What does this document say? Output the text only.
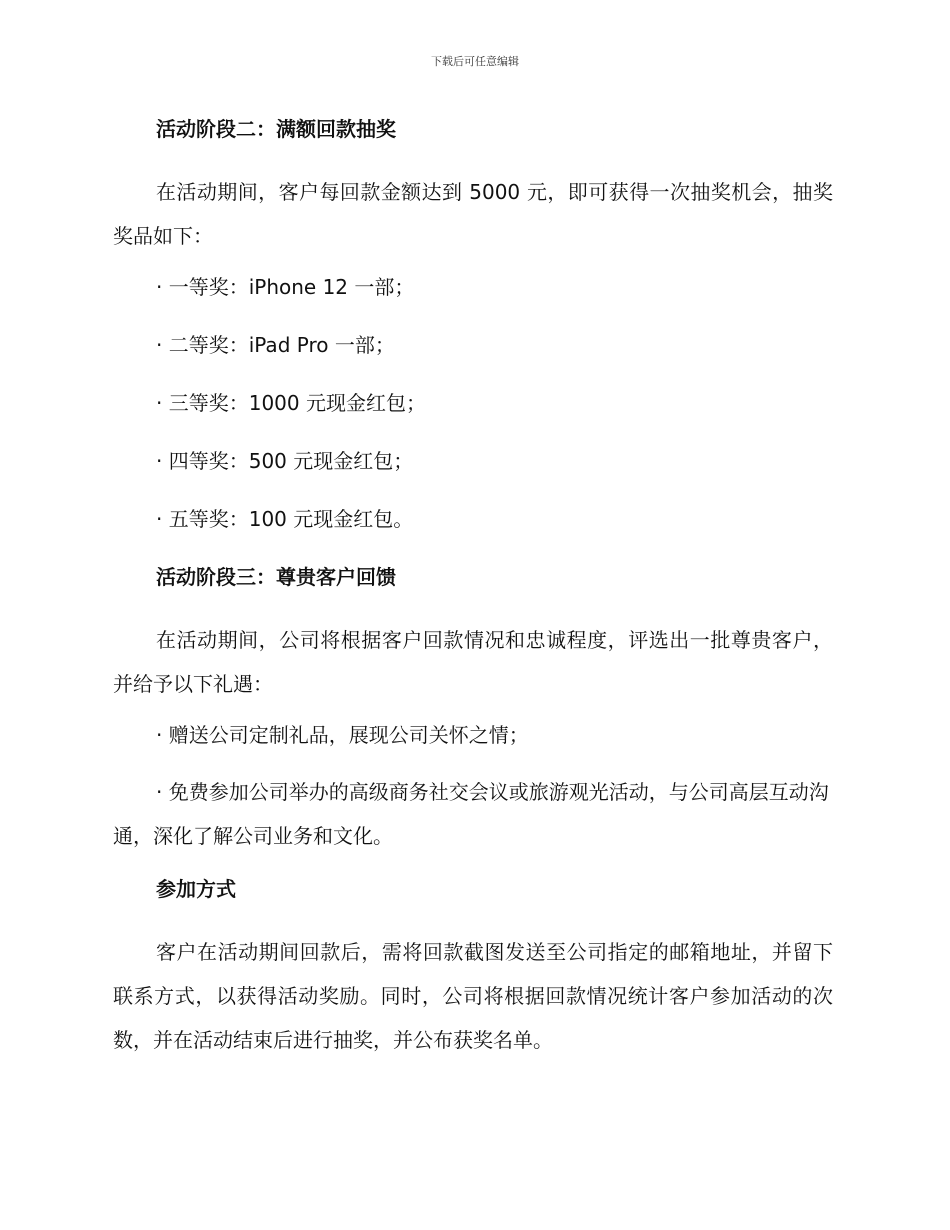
下载后可任意编辑
活动阶段二：满额回款抽奖
在活动期间，客户每回款金额达到 5000 元，即可获得一次抽奖机会，抽奖奖品如下：
· 一等奖：iPhone 12 一部；
· 二等奖：iPad Pro 一部；
· 三等奖：1000 元现金红包；
· 四等奖：500 元现金红包；
· 五等奖：100 元现金红包。
活动阶段三：尊贵客户回馈
在活动期间，公司将根据客户回款情况和忠诚程度，评选出一批尊贵客户，并给予以下礼遇：
· 赠送公司定制礼品，展现公司关怀之情；
· 免费参加公司举办的高级商务社交会议或旅游观光活动，与公司高层互动沟通，深化了解公司业务和文化。
参加方式
客户在活动期间回款后，需将回款截图发送至公司指定的邮箱地址，并留下联系方式，以获得活动奖励。同时，公司将根据回款情况统计客户参加活动的次数，并在活动结束后进行抽奖，并公布获奖名单。
